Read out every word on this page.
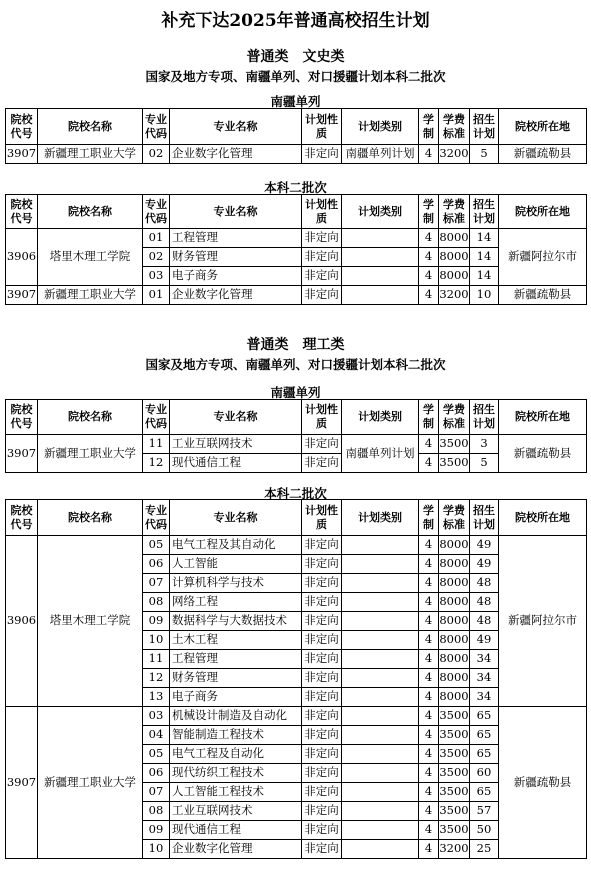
补充下达2025年普通高校招生计划
普通类　文史类
国家及地方专项、南疆单列、对口援疆计划本科二批次
南疆单列
院校代号	院校名称	专业代码	专业名称	计划性质	计划类别	学制	学费标准	招生计划	院校所在地
3907	新疆理工职业大学	02	企业数字化管理	非定向	南疆单列计划	4	3200	5	新疆疏勒县
本科二批次
院校代号	院校名称	专业代码	专业名称	计划性质	计划类别	学制	学费标准	招生计划	院校所在地
3906	塔里木理工学院	01	工程管理	非定向		4	8000	14	新疆阿拉尔市
		02	财务管理	非定向		4	8000	14	
		03	电子商务	非定向		4	8000	14	
3907	新疆理工职业大学	01	企业数字化管理	非定向		4	3200	10	新疆疏勒县
普通类　理工类
国家及地方专项、南疆单列、对口援疆计划本科二批次
南疆单列
院校代号	院校名称	专业代码	专业名称	计划性质	计划类别	学制	学费标准	招生计划	院校所在地
3907	新疆理工职业大学	11	工业互联网技术	非定向	南疆单列计划	4	3500	3	新疆疏勒县
		12	现代通信工程	非定向		4	3500	5	
本科二批次
院校代号	院校名称	专业代码	专业名称	计划性质	计划类别	学制	学费标准	招生计划	院校所在地
3906	塔里木理工学院	05	电气工程及其自动化	非定向		4	8000	49	新疆阿拉尔市
		06	人工智能	非定向		4	8000	49	
		07	计算机科学与技术	非定向		4	8000	48	
		08	网络工程	非定向		4	8000	48	
		09	数据科学与大数据技术	非定向		4	8000	48	
		10	土木工程	非定向		4	8000	49	
		11	工程管理	非定向		4	8000	34	
		12	财务管理	非定向		4	8000	34	
		13	电子商务	非定向		4	8000	34	
3907	新疆理工职业大学	03	机械设计制造及自动化	非定向		4	3500	65	新疆疏勒县
		04	智能制造工程技术	非定向		4	3500	65	
		05	电气工程及自动化	非定向		4	3500	65	
		06	现代纺织工程技术	非定向		4	3500	60	
		07	人工智能工程技术	非定向		4	3500	65	
		08	工业互联网技术	非定向		4	3500	57	
		09	现代通信工程	非定向		4	3500	50	
		10	企业数字化管理	非定向		4	3200	25	
